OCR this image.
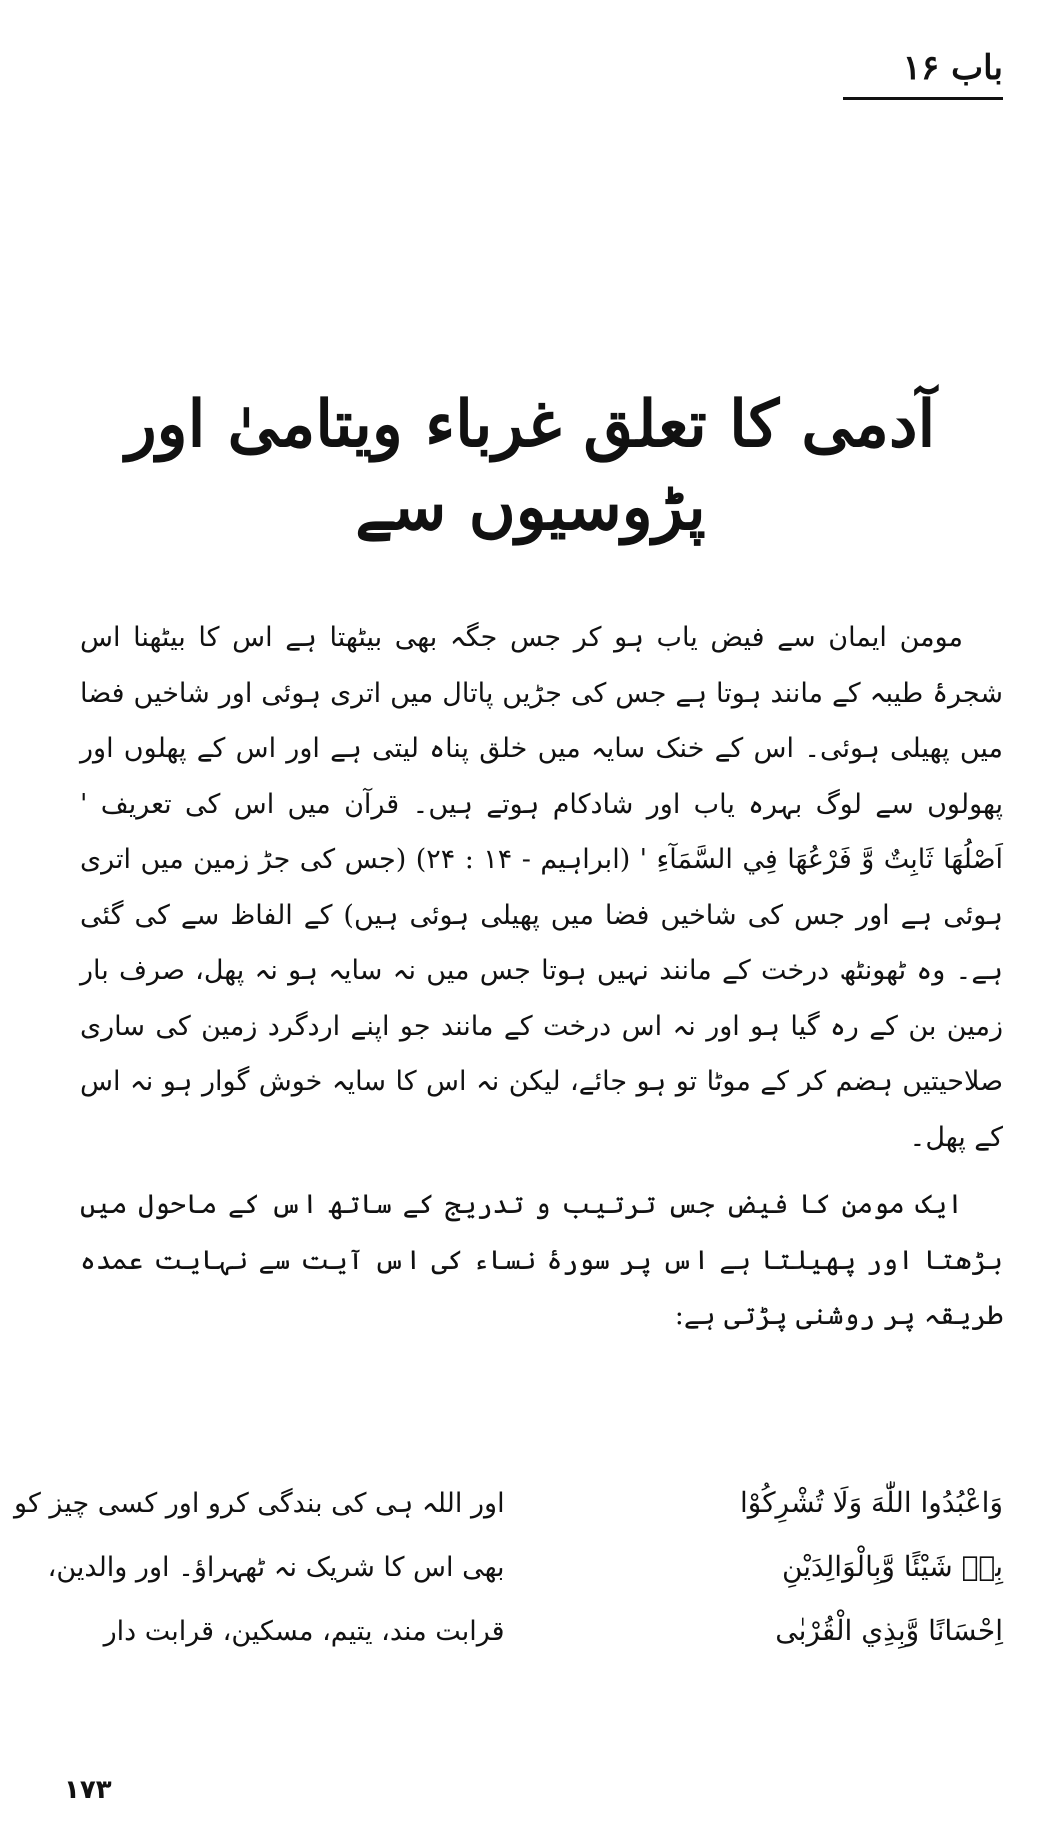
باب ۱۶
آدمی کا تعلق غرباء ویتامیٰ اور پڑوسیوں سے

مومن ایمان سے فیض یاب ہو کر جس جگہ بھی بیٹھتا ہے اس کا بیٹھنا اس شجرۂ طیبہ کے مانند ہوتا ہے جس کی جڑیں پاتال میں اتری ہوئی اور شاخیں فضا میں پھیلی ہوئی۔ اس کے خنک سایہ میں خلق پناہ لیتی ہے اور اس کے پھلوں اور پھولوں سے لوگ بہرہ یاب اور شادکام ہوتے ہیں۔ قرآن میں اس کی تعریف ' اَصْلُهَا ثَابِتٌ وَّ فَرْعُهَا فِي السَّمَآءِ ' (ابراہیم - ۱۴ : ۲۴) (جس کی جڑ زمین میں اتری ہوئی ہے اور جس کی شاخیں فضا میں پھیلی ہوئی ہیں) کے الفاظ سے کی گئی ہے۔ وہ ٹھونٹھ درخت کے مانند نہیں ہوتا جس میں نہ سایہ ہو نہ پھل، صرف بار زمین بن کے رہ گیا ہو اور نہ اس درخت کے مانند جو اپنے اردگرد زمین کی ساری صلاحیتیں ہضم کر کے موٹا تو ہو جائے، لیکن نہ اس کا سایہ خوش گوار ہو نہ اس کے پھل۔

ایک مومن کا فیض جس ترتیب و تدریج کے ساتھ اس کے ماحول میں بڑھتا اور پھیلتا ہے اس پر سورۂ نساء کی اس آیت سے نہایت عمدہ طریقہ پر روشنی پڑتی ہے:

وَاعْبُدُوا اللّٰهَ وَلَا تُشْرِكُوْا
اور اللہ ہی کی بندگی کرو اور کسی چیز کو
بِهٖ شَيْئًا وَّبِالْوَالِدَيْنِ
بھی اس کا شریک نہ ٹھہراؤ۔ اور والدین،
اِحْسَانًا وَّبِذِي الْقُرْبٰى
قرابت مند، یتیم، مسکین، قرابت دار
۱۷۳
